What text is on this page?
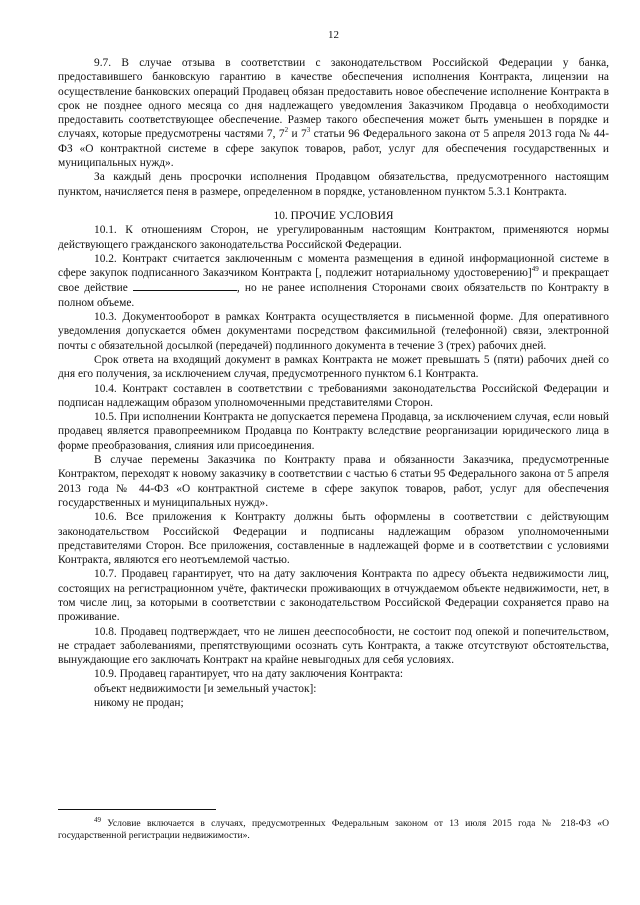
12

9.7. В случае отзыва в соответствии с законодательством Российской Федерации у банка, предоставившего банковскую гарантию в качестве обеспечения исполнения Контракта, лицензии на осуществление банковских операций Продавец обязан предоставить новое обеспечение исполнение Контракта в срок не позднее одного месяца со дня надлежащего уведомления Заказчиком Продавца о необходимости предоставить соответствующее обеспечение. Размер такого обеспечения может быть уменьшен в порядке и случаях, которые предусмотрены частями 7, $7^2$ и $7^3$ статьи 96 Федерального закона от 5 апреля 2013 года № 44-ФЗ «О контрактной системе в сфере закупок товаров, работ, услуг для обеспечения государственных и муниципальных нужд».

За каждый день просрочки исполнения Продавцом обязательства, предусмотренного настоящим пунктом, начисляется пеня в размере, определенном в порядке, установленном пунктом 5.3.1 Контракта.

10. ПРОЧИЕ УСЛОВИЯ

10.1. К отношениям Сторон, не урегулированным настоящим Контрактом, применяются нормы действующего гражданского законодательства Российской Федерации.

10.2. Контракт считается заключенным с момента размещения в единой информационной системе в сфере закупок подписанного Заказчиком Контракта [, подлежит нотариальному удостоверению]$^{49}$ и прекращает свое действие	, но не ранее исполнения Сторонами своих обязательств по Контракту в полном объеме.

10.3. Документооборот в рамках Контракта осуществляется в письменной форме. Для оперативного уведомления допускается обмен документами посредством факсимильной (телефонной) связи, электронной почты с обязательной досылкой (передачей) подлинного документа в течение 3 (трех) рабочих дней.

Срок ответа на входящий документ в рамках Контракта не может превышать 5 (пяти) рабочих дней со дня его получения, за исключением случая, предусмотренного пунктом 6.1 Контракта.

10.4. Контракт составлен в соответствии с требованиями законодательства Российской Федерации и подписан надлежащим образом уполномоченными представителями Сторон.

10.5. При исполнении Контракта не допускается перемена Продавца, за исключением случая, если новый продавец является правопреемником Продавца по Контракту вследствие реорганизации юридического лица в форме преобразования, слияния или присоединения.

В случае перемены Заказчика по Контракту права и обязанности Заказчика, предусмотренные Контрактом, переходят к новому заказчику в соответствии с частью 6 статьи 95 Федерального закона от 5 апреля 2013 года № 44-ФЗ «О контрактной системе в сфере закупок товаров, работ, услуг для обеспечения государственных и муниципальных нужд».

10.6. Все приложения к Контракту должны быть оформлены в соответствии с действующим законодательством Российской Федерации и подписаны надлежащим образом уполномоченными представителями Сторон. Все приложения, составленные в надлежащей форме и в соответствии с условиями Контракта, являются его неотъемлемой частью.

10.7. Продавец гарантирует, что на дату заключения Контракта по адресу объекта недвижимости лиц, состоящих на регистрационном учёте, фактически проживающих в отчуждаемом объекте недвижимости, нет, в том числе лиц, за которыми в соответствии с законодательством Российской Федерации сохраняется право на проживание.

10.8. Продавец подтверждает, что не лишен дееспособности, не состоит под опекой и попечительством, не страдает заболеваниями, препятствующими осознать суть Контракта, а также отсутствуют обстоятельства, вынуждающие его заключать Контракт на крайне невыгодных для себя условиях.

10.9. Продавец гарантирует, что на дату заключения Контракта:

объект недвижимости [и земельный участок]:

никому не продан;

$^{49}$ Условие включается в случаях, предусмотренных Федеральным законом от 13 июля 2015 года № 218-ФЗ «О государственной регистрации недвижимости».
